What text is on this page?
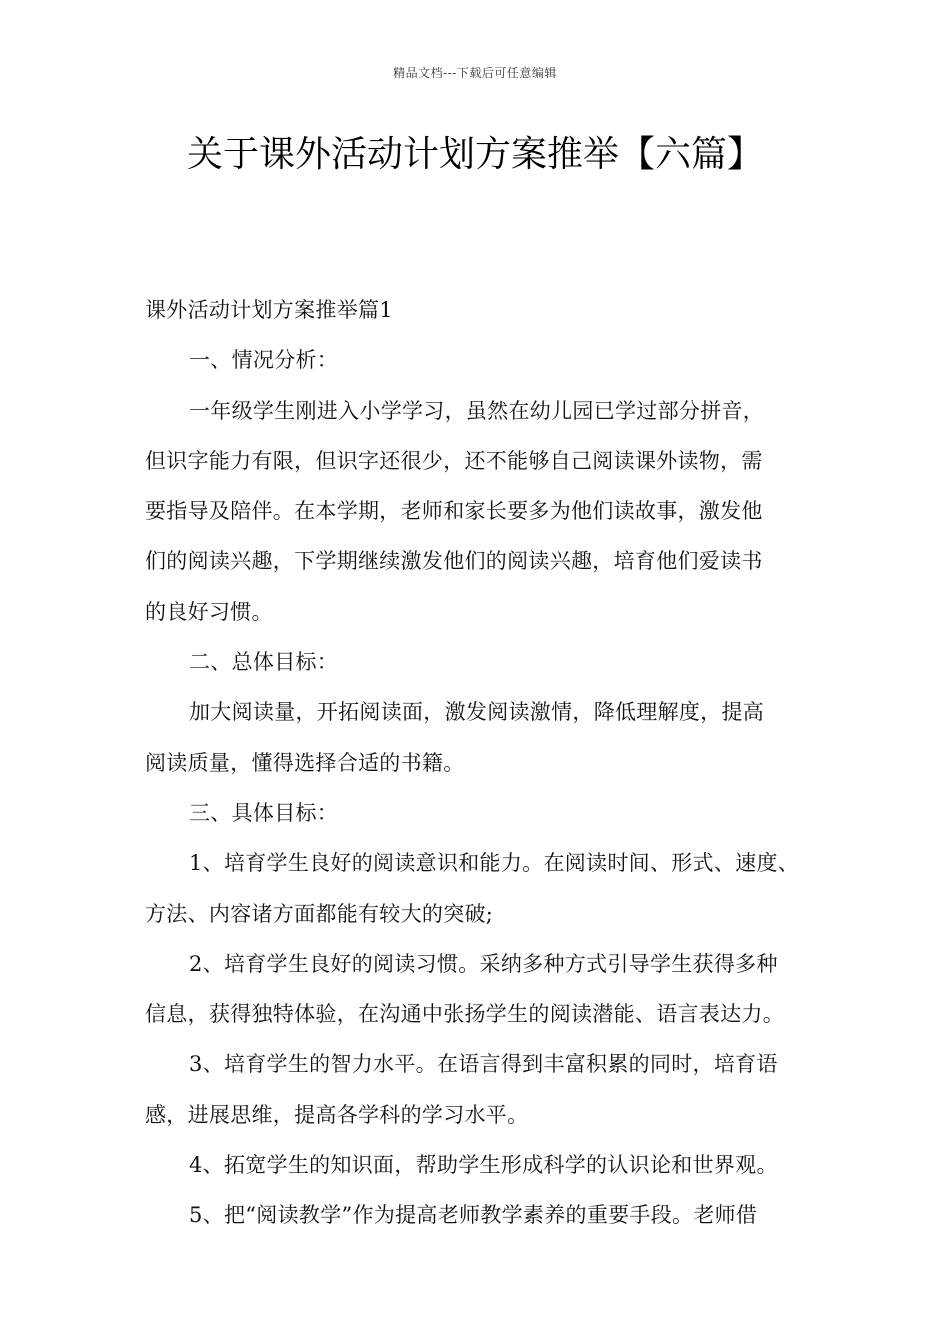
精品文档---下载后可任意编辑
关于课外活动计划方案推举【六篇】

课外活动计划方案推举篇1

一、情况分析：

一年级学生刚进入小学学习，虽然在幼儿园已学过部分拼音，

但识字能力有限，但识字还很少，还不能够自己阅读课外读物，需

要指导及陪伴。在本学期，老师和家长要多为他们读故事，激发他

们的阅读兴趣，下学期继续激发他们的阅读兴趣，培育他们爱读书

的良好习惯。

二、总体目标：

加大阅读量，开拓阅读面，激发阅读激情，降低理解度，提高

阅读质量，懂得选择合适的书籍。

三、具体目标：

1、培育学生良好的阅读意识和能力。在阅读时间、形式、速度、

方法、内容诸方面都能有较大的突破;

2、培育学生良好的阅读习惯。采纳多种方式引导学生获得多种

信息，获得独特体验，在沟通中张扬学生的阅读潜能、语言表达力。

3、培育学生的智力水平。在语言得到丰富积累的同时，培育语

感，进展思维，提高各学科的学习水平。

4、拓宽学生的知识面，帮助学生形成科学的认识论和世界观。

5、把“阅读教学”作为提高老师教学素养的重要手段。老师借
